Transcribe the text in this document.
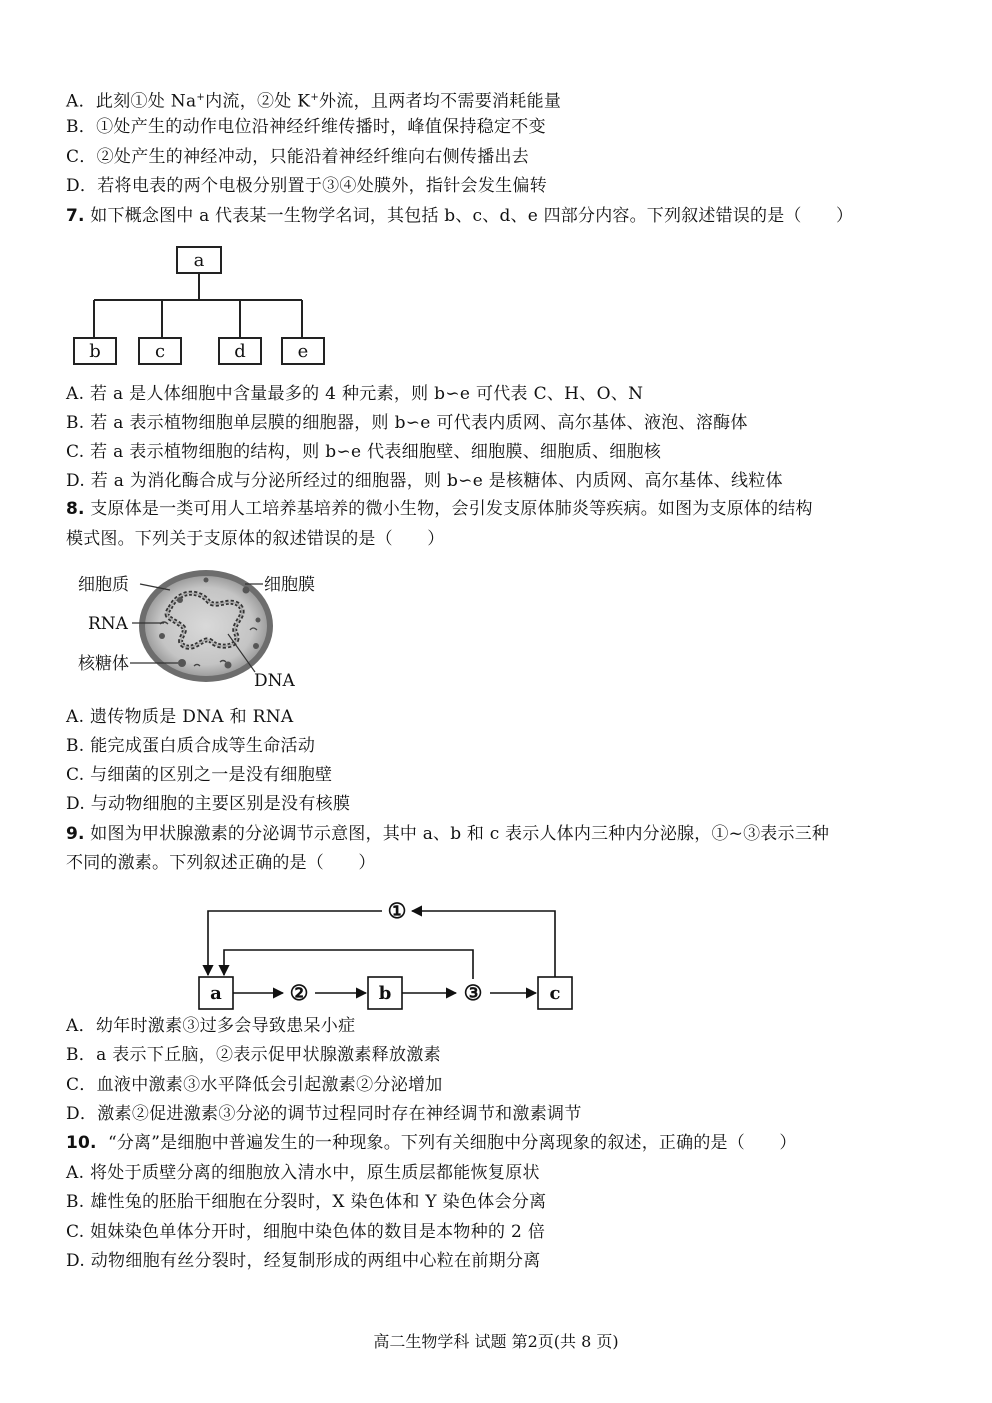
A．此刻①处 Na+内流，②处 K+外流，且两者均不需要消耗能量
B．①处产生的动作电位沿神经纤维传播时，峰值保持稳定不变
C．②处产生的神经冲动，只能沿着神经纤维向右侧传播出去
D．若将电表的两个电极分别置于③④处膜外，指针会发生偏转
7. 如下概念图中 a 代表某一生物学名词，其包括 b、c、d、e 四部分内容。下列叙述错误的是（　　）
a
b	c	d	e
A. 若 a 是人体细胞中含量最多的 4 种元素，则 b∽e 可代表 C、H、O、N
B. 若 a 表示植物细胞单层膜的细胞器，则 b∽e 可代表内质网、高尔基体、液泡、溶酶体
C. 若 a 表示植物细胞的结构，则 b∽e 代表细胞壁、细胞膜、细胞质、细胞核
D. 若 a 为消化酶合成与分泌所经过的细胞器，则 b∽e 是核糖体、内质网、高尔基体、线粒体
8. 支原体是一类可用人工培养基培养的微小生物，会引发支原体肺炎等疾病。如图为支原体的结构
模式图。下列关于支原体的叙述错误的是（　　）
细胞质	细胞膜
RNA
核糖体
DNA
A. 遗传物质是 DNA 和 RNA
B. 能完成蛋白质合成等生命活动
C. 与细菌的区别之一是没有细胞壁
D. 与动物细胞的主要区别是没有核膜
9. 如图为甲状腺激素的分泌调节示意图，其中 a、b 和 c 表示人体内三种内分泌腺，①~③表示三种
不同的激素。下列叙述正确的是（　　）
a	b	c
①
②	③
A．幼年时激素③过多会导致患呆小症
B．a 表示下丘脑，②表示促甲状腺激素释放激素
C．血液中激素③水平降低会引起激素②分泌增加
D．激素②促进激素③分泌的调节过程同时存在神经调节和激素调节
10. “分离”是细胞中普遍发生的一种现象。下列有关细胞中分离现象的叙述，正确的是（　　）
A. 将处于质壁分离的细胞放入清水中，原生质层都能恢复原状
B. 雄性兔的胚胎干细胞在分裂时，X 染色体和 Y 染色体会分离
C. 姐妹染色单体分开时，细胞中染色体的数目是本物种的 2 倍
D. 动物细胞有丝分裂时，经复制形成的两组中心粒在前期分离
高二生物学科 试题 第2页(共 8 页)
